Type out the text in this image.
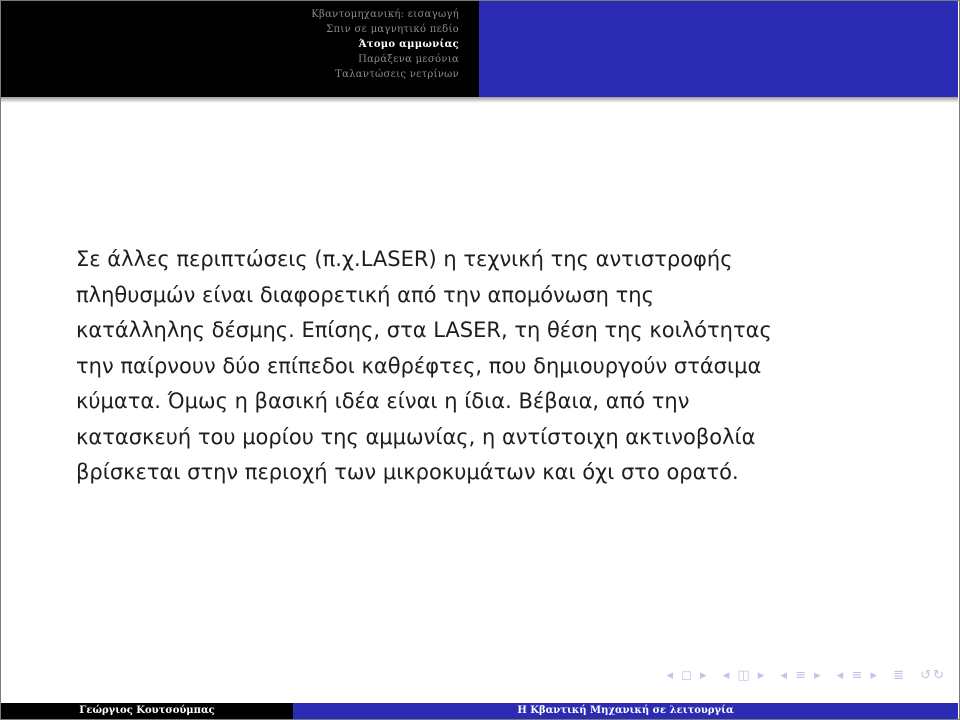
Κβαντομηχανική: εισαγωγή
Σπιν σε μαγνητικό πεδίο
Άτομο αμμωνίας
Παράξενα μεσόνια
Ταλαντώσεις νετρίνων
Σε άλλες περιπτώσεις (π.χ.LASER) η τεχνική της αντιστροφής
πληθυσμών είναι διαφορετική από την απομόνωση της
κατάλληλης δέσμης. Επίσης, στα LASER, τη θέση της κοιλότητας
την παίρνουν δύο επίπεδοι καθρέφτες, που δημιουργούν στάσιμα
κύματα. Όμως η βασική ιδέα είναι η ίδια. Βέβαια, από την
κατασκευή του μορίου της αμμωνίας, η αντίστοιχη ακτινοβολία
βρίσκεται στην περιοχή των μικροκυμάτων και όχι στο ορατό.
◂ ◻ ▸ ◂ ◫ ▸ ◂ ≡ ▸ ◂ ≡ ▸ ≣ ↺↻
Γεώργιος Κουτσούμπας	Η Κβαντική Μηχανική σε λειτουργία
